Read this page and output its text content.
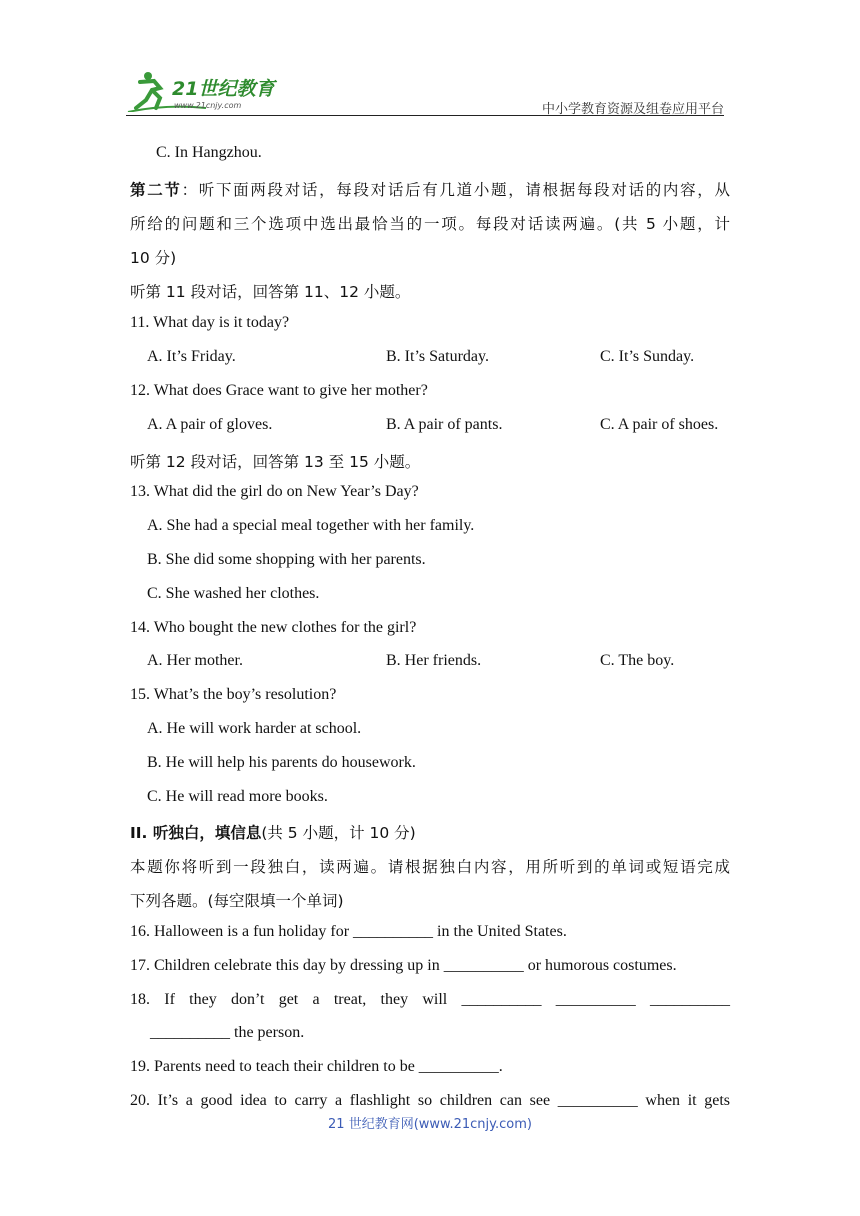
21世纪教育
www.21cnjy.com	中小学教育资源及组卷应用平台
C. In Hangzhou.
第二节：听下面两段对话，每段对话后有几道小题，请根据每段对话的内容，从
所给的问题和三个选项中选出最恰当的一项。每段对话读两遍。(共 5 小题，计
10 分)
听第 11 段对话，回答第 11、12 小题。
11. What day is it today?
A. It’s Friday.	B. It’s Saturday.	C. It’s Sunday.
12. What does Grace want to give her mother?
A. A pair of gloves.	B. A pair of pants.	C. A pair of shoes.
听第 12 段对话，回答第 13 至 15 小题。
13. What did the girl do on New Year’s Day?
A. She had a special meal together with her family.
B. She did some shopping with her parents.
C. She washed her clothes.
14. Who bought the new clothes for the girl?
A. Her mother.	B. Her friends.	C. The boy.
15. What’s the boy’s resolution?
A. He will work harder at school.
B. He will help his parents do housework.
C. He will read more books.
II. 听独白，填信息(共 5 小题，计 10 分)
本题你将听到一段独白，读两遍。请根据独白内容，用所听到的单词或短语完成
下列各题。(每空限填一个单词)
16. Halloween is a fun holiday for __________ in the United States.
17. Children celebrate this day by dressing up in __________ or humorous costumes.
18.  If  they  don’t  get  a  treat,  they  will  __________  __________  __________
__________ the person.
19. Parents need to teach their children to be __________.
20. It’s a good idea to carry a flashlight so children can see __________ when it gets
21 世纪教育网(www.21cnjy.com)
